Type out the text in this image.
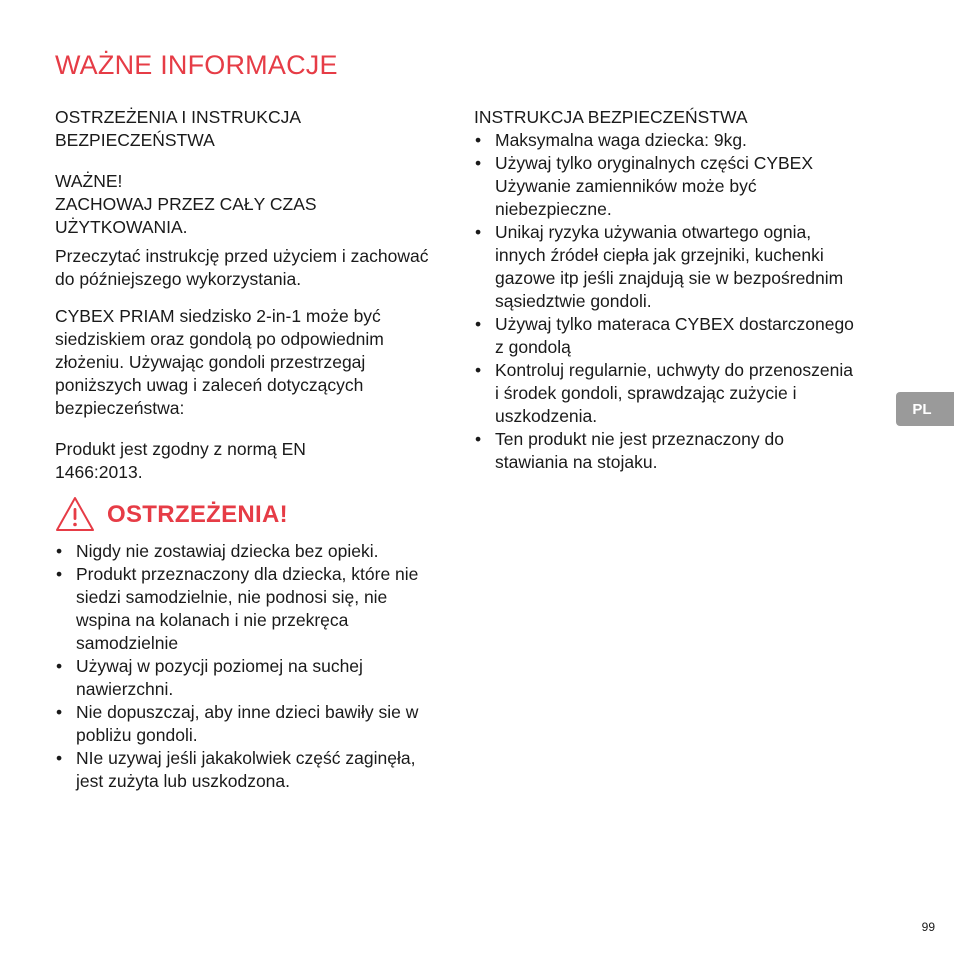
WAŻNE INFORMACJE
OSTRZEŻENIA I INSTRUKCJA BEZPIECZEŃSTWA
WAŻNE!
ZACHOWAJ PRZEZ CAŁY CZAS UŻYTKOWANIA.
Przeczytać instrukcję przed użyciem i zachować do późniejszego wykorzystania.
CYBEX PRIAM siedzisko 2-in-1 może być siedziskiem oraz gondolą po odpowiednim złożeniu. Używając gondoli przestrzegaj poniższych uwag i zaleceń dotyczących bezpieczeństwa:
Produkt jest zgodny z normą EN 1466:2013.
OSTRZEŻENIA!
• Nigdy nie zostawiaj dziecka bez opieki.
• Produkt przeznaczony dla dziecka, które nie siedzi samodzielnie, nie podnosi się, nie wspina na kolanach i nie przekręca samodzielnie
• Używaj w pozycji poziomej na suchej nawierzchni.
• Nie dopuszczaj, aby inne dzieci bawiły sie w pobliżu gondoli.
• NIe uzywaj jeśli jakakolwiek część zaginęła, jest zużyta lub uszkodzona.
INSTRUKCJA BEZPIECZEŃSTWA
• Maksymalna waga dziecka: 9kg.
• Używaj tylko oryginalnych części CYBEX Używanie zamienników może być niebezpieczne.
• Unikaj ryzyka używania otwartego ognia, innych źródeł ciepła jak grzejniki, kuchenki gazowe itp jeśli znajdują sie w bezpośrednim sąsiedztwie gondoli.
• Używaj tylko materaca CYBEX dostarczonego z gondolą
• Kontroluj regularnie, uchwyty do przenoszenia i środek gondoli, sprawdzając zużycie i uszkodzenia.
• Ten produkt nie jest przeznaczony do stawiania na stojaku.
PL
99
